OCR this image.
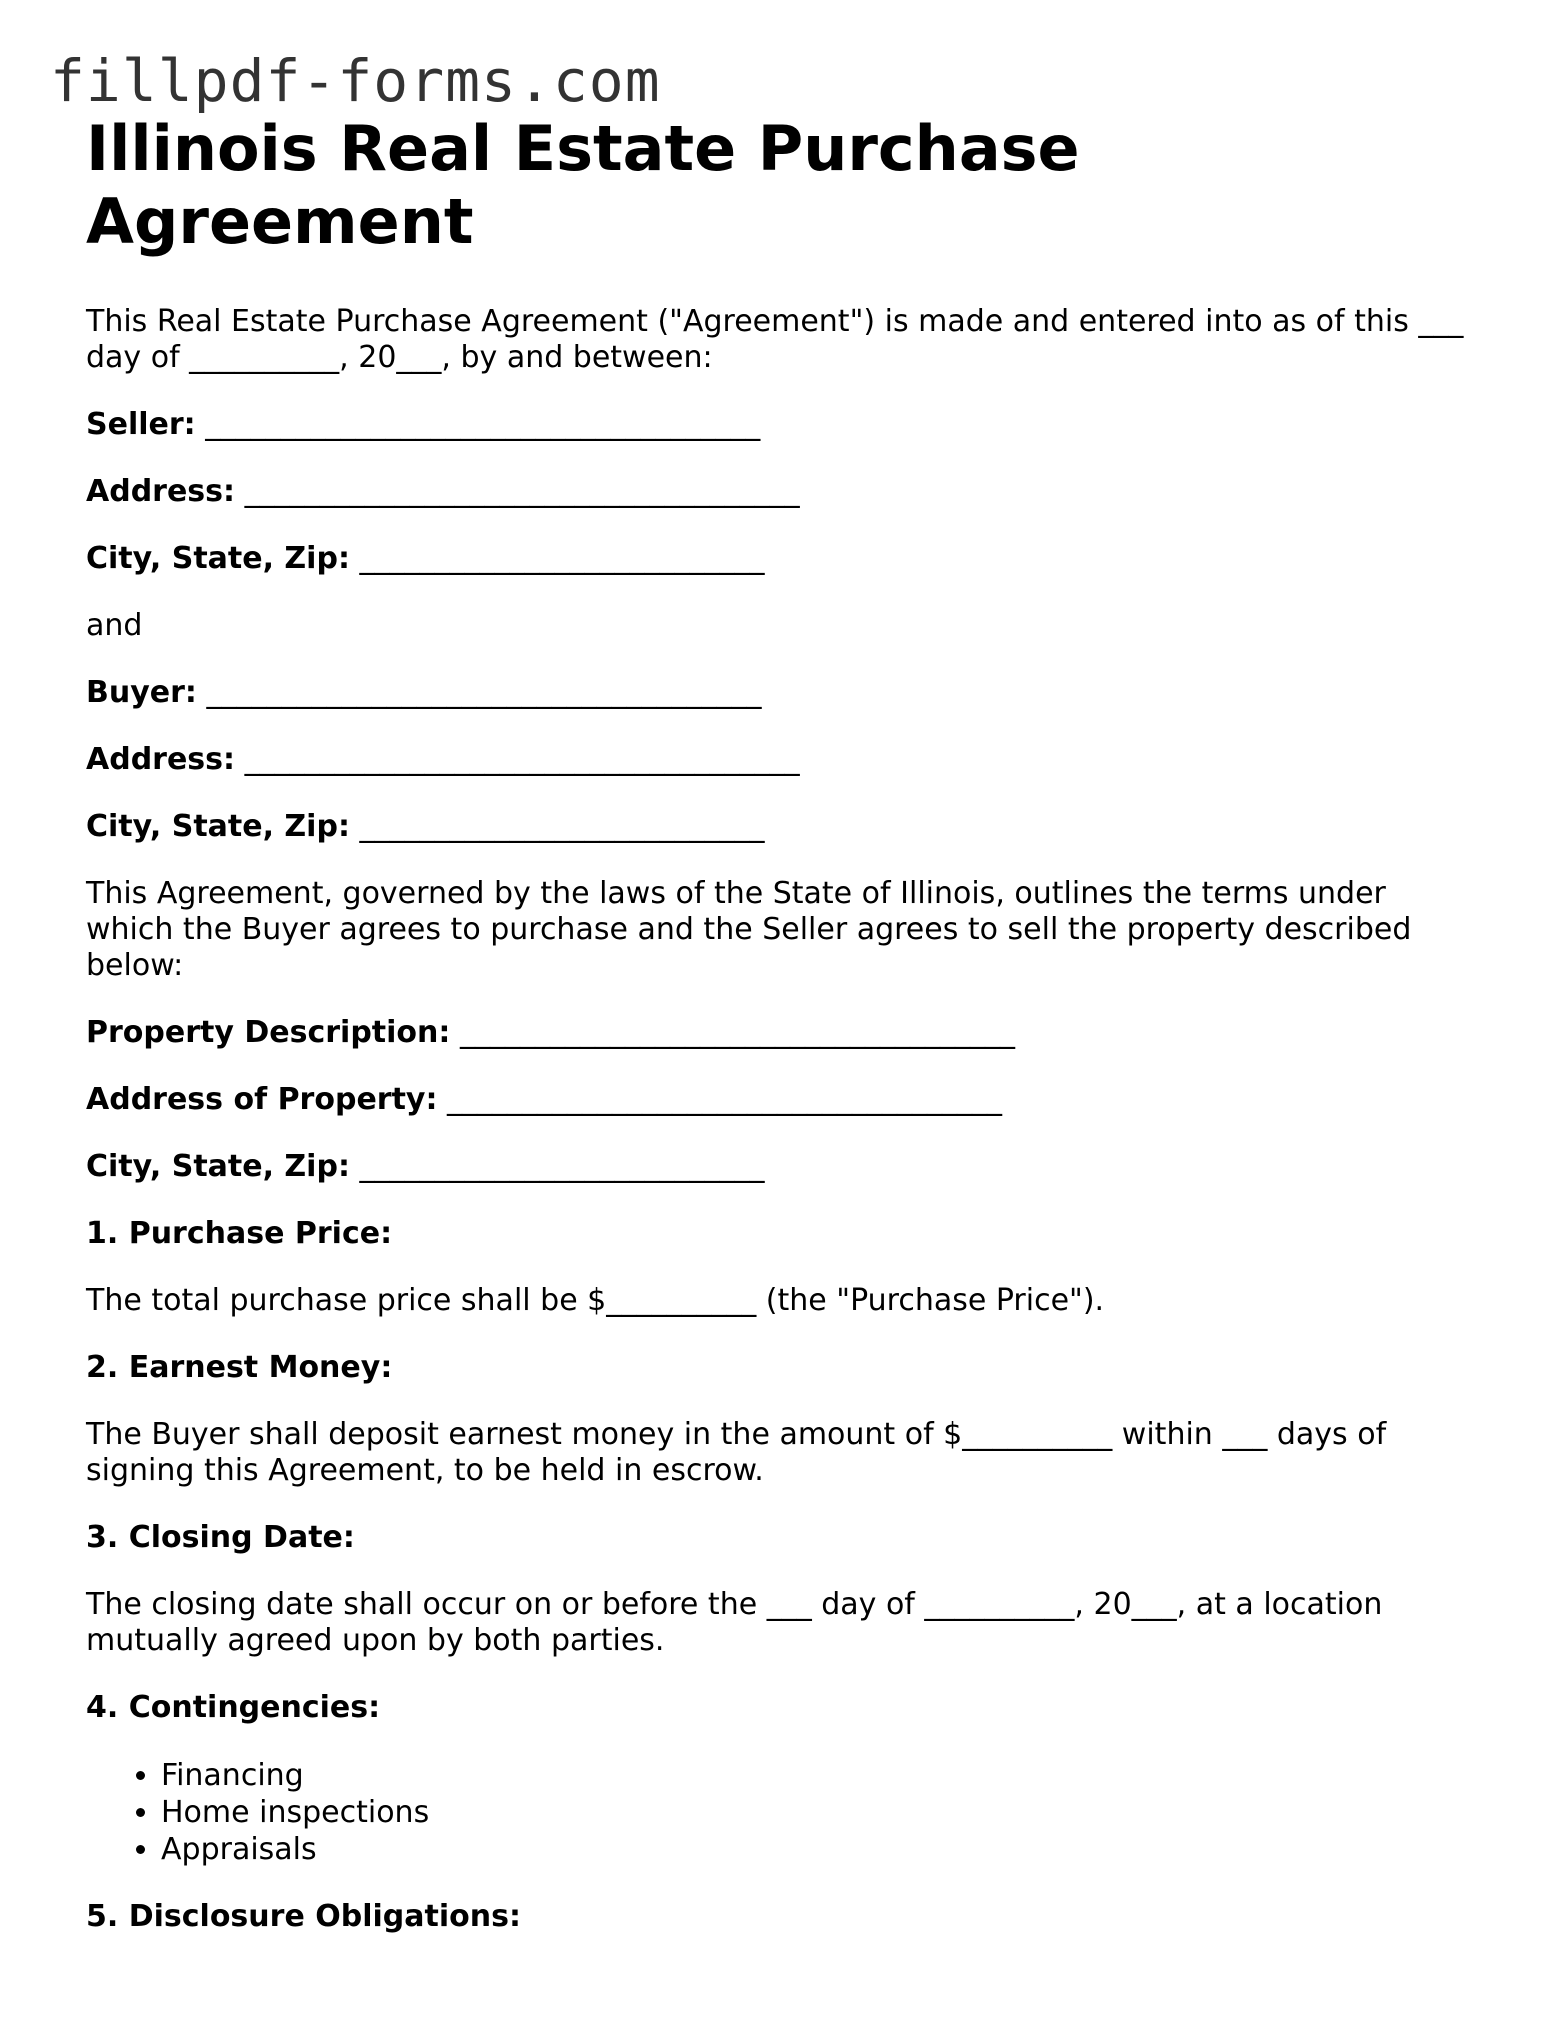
fillpdf-forms.com
Illinois Real Estate Purchase Agreement

This Real Estate Purchase Agreement ("Agreement") is made and entered into as of this ___ day of __________, 20___, by and between:

Seller: _____________________________________

Address: _____________________________________

City, State, Zip: ___________________________

and

Buyer: _____________________________________

Address: _____________________________________

City, State, Zip: ___________________________

This Agreement, governed by the laws of the State of Illinois, outlines the terms under which the Buyer agrees to purchase and the Seller agrees to sell the property described below:

Property Description: _____________________________________

Address of Property: _____________________________________

City, State, Zip: ___________________________

1. Purchase Price:

The total purchase price shall be $__________ (the "Purchase Price").

2. Earnest Money:

The Buyer shall deposit earnest money in the amount of $__________ within ___ days of signing this Agreement, to be held in escrow.

3. Closing Date:

The closing date shall occur on or before the ___ day of __________, 20___, at a location mutually agreed upon by both parties.

4. Contingencies:

• Financing
• Home inspections
• Appraisals

5. Disclosure Obligations:
